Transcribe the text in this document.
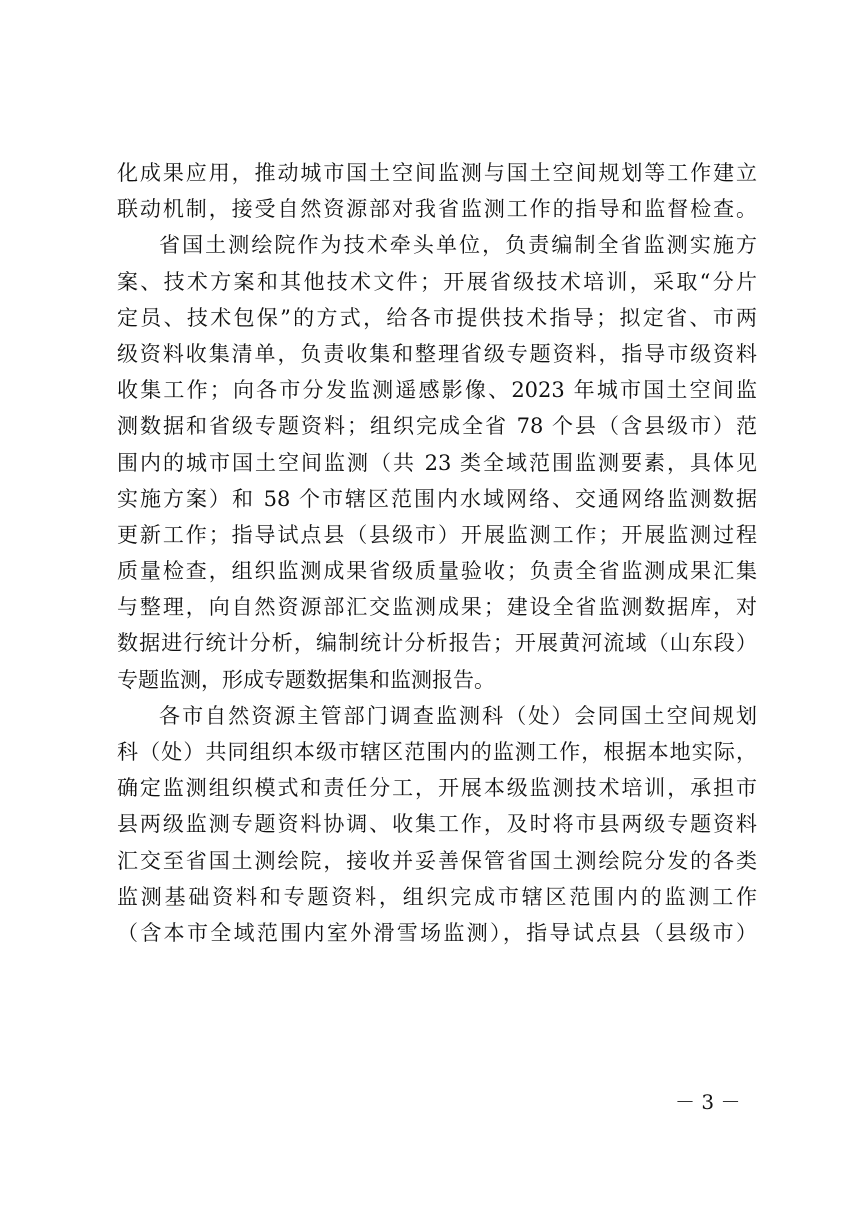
化成果应用，推动城市国土空间监测与国土空间规划等工作建立
联动机制，接受自然资源部对我省监测工作的指导和监督检查。
省国土测绘院作为技术牵头单位，负责编制全省监测实施方
案、技术方案和其他技术文件；开展省级技术培训，采取“分片
定员、技术包保”的方式，给各市提供技术指导；拟定省、市两
级资料收集清单，负责收集和整理省级专题资料，指导市级资料
收集工作；向各市分发监测遥感影像、2023 年城市国土空间监
测数据和省级专题资料；组织完成全省 78 个县（含县级市）范
围内的城市国土空间监测（共 23 类全域范围监测要素，具体见
实施方案）和 58 个市辖区范围内水域网络、交通网络监测数据
更新工作；指导试点县（县级市）开展监测工作；开展监测过程
质量检查，组织监测成果省级质量验收；负责全省监测成果汇集
与整理，向自然资源部汇交监测成果；建设全省监测数据库，对
数据进行统计分析，编制统计分析报告；开展黄河流域（山东段）
专题监测，形成专题数据集和监测报告。
各市自然资源主管部门调查监测科（处）会同国土空间规划
科（处）共同组织本级市辖区范围内的监测工作，根据本地实际，
确定监测组织模式和责任分工，开展本级监测技术培训，承担市
县两级监测专题资料协调、收集工作，及时将市县两级专题资料
汇交至省国土测绘院，接收并妥善保管省国土测绘院分发的各类
监测基础资料和专题资料，组织完成市辖区范围内的监测工作
（含本市全域范围内室外滑雪场监测），指导试点县（县级市）
－ 3 －
